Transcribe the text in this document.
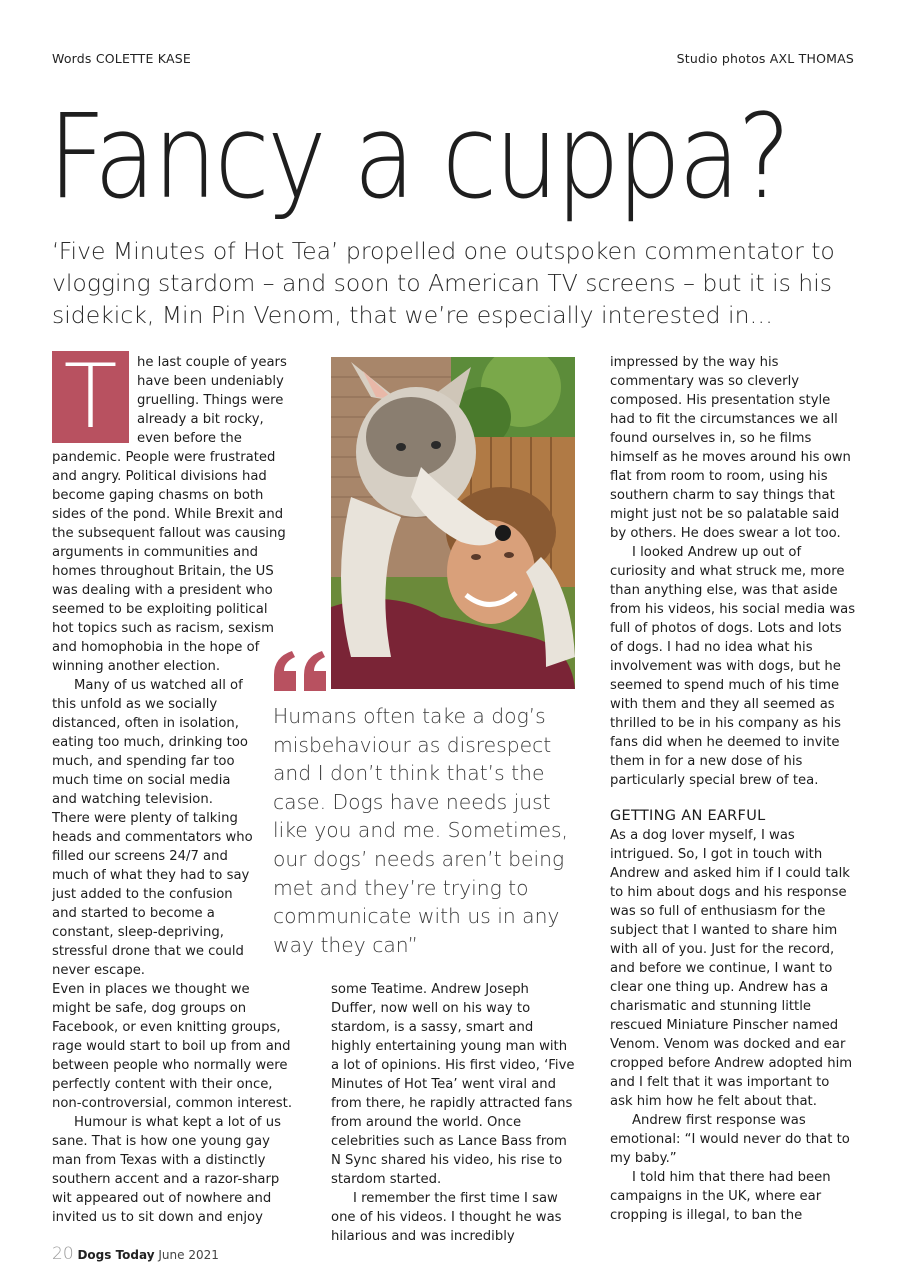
Words COLETTE KASE	Studio photos AXL THOMAS
Fancy a cuppa?
‘Five Minutes of Hot Tea’ propelled one outspoken commentator to vlogging stardom – and soon to American TV screens – but it is his sidekick, Min Pin Venom, that we’re especially interested in…
T	he last couple of years
have been undeniably
gruelling. Things were
already a bit rocky,
even before the

pandemic. People were frustrated and angry. Political divisions had become gaping chasms on both sides of the pond. While Brexit and the subsequent fallout was causing arguments in communities and homes throughout Britain, the US was dealing with a president who seemed to be exploiting political hot topics such as racism, sexism and homophobia in the hope of winning another election.

Many of us watched all of this unfold as we socially distanced, often in isolation, eating too much, drinking too much, and spending far too much time on social media and watching television. There were plenty of talking heads and commentators who filled our screens 24/7 and much of what they had to say just added to the confusion and started to become a constant, sleep-depriving, stressful drone that we could never escape.

Even in places we thought we might be safe, dog groups on Facebook, or even knitting groups, rage would start to boil up from and between people who normally were perfectly content with their once, non-controversial, common interest.

Humour is what kept a lot of us sane. That is how one young gay man from Texas with a distinctly southern accent and a razor-sharp wit appeared out of nowhere and invited us to sit down and enjoy

Humans often take a dog’s misbehaviour as disrespect and I don’t think that’s the case. Dogs have needs just like you and me. Sometimes, our dogs’ needs aren’t being met and they’re trying to communicate with us in any way they can”

some Teatime. Andrew Joseph Duffer, now well on his way to stardom, is a sassy, smart and highly entertaining young man with a lot of opinions. His first video, ‘Five Minutes of Hot Tea’ went viral and from there, he rapidly attracted fans from around the world. Once celebrities such as Lance Bass from N Sync shared his video, his rise to stardom started.

I remember the first time I saw one of his videos. I thought he was hilarious and was incredibly

impressed by the way his commentary was so cleverly composed. His presentation style had to fit the circumstances we all found ourselves in, so he films himself as he moves around his own flat from room to room, using his southern charm to say things that might just not be so palatable said by others. He does swear a lot too.

I looked Andrew up out of curiosity and what struck me, more than anything else, was that aside from his videos, his social media was full of photos of dogs. Lots and lots of dogs. I had no idea what his involvement was with dogs, but he seemed to spend much of his time with them and they all seemed as thrilled to be in his company as his fans did when he deemed to invite them in for a new dose of his particularly special brew of tea.

GETTING AN EARFUL

As a dog lover myself, I was intrigued. So, I got in touch with Andrew and asked him if I could talk to him about dogs and his response was so full of enthusiasm for the subject that I wanted to share him with all of you. Just for the record, and before we continue, I want to clear one thing up. Andrew has a charismatic and stunning little rescued Miniature Pinscher named Venom. Venom was docked and ear cropped before Andrew adopted him and I felt that it was important to ask him how he felt about that.

Andrew first response was emotional: “I would never do that to my baby.”

I told him that there had been campaigns in the UK, where ear cropping is illegal, to ban the

20 Dogs Today June 2021
